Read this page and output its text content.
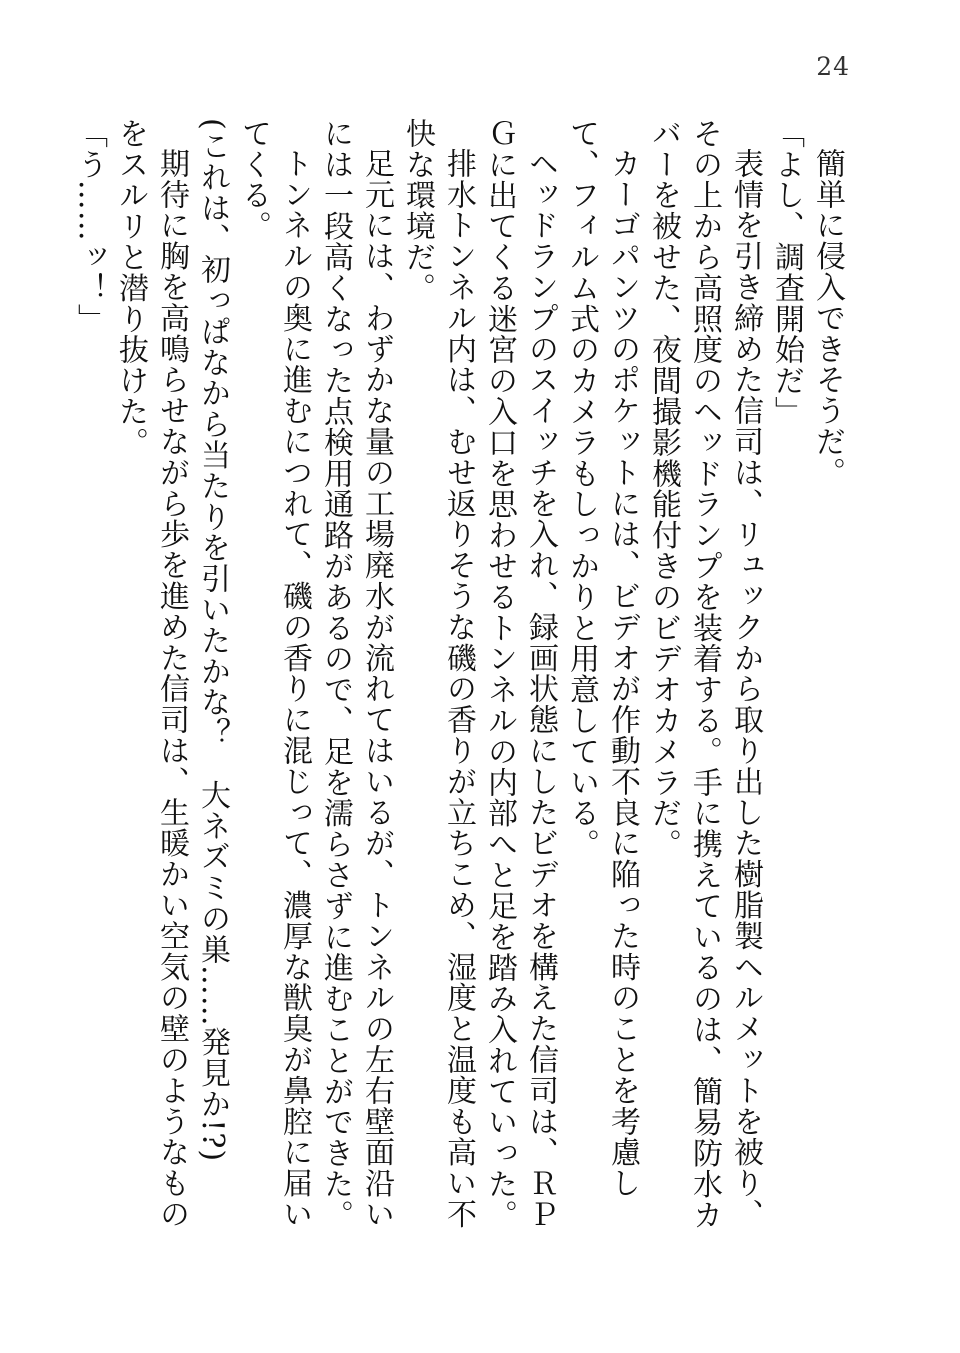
24

簡単に侵入できそうだ。

「よし、調査開始だ」

表情を引き締めた信司は、リュックから取り出した樹脂製ヘルメットを被り、その上から高照度のヘッドランプを装着する。手に携えているのは、簡易防水カバーを被せた、夜間撮影機能付きのビデオカメラだ。

カーゴパンツのポケットには、ビデオが作動不良に陥った時のことを考慮して、フィルム式のカメラもしっかりと用意している。

ヘッドランプのスイッチを入れ、録画状態にしたビデオを構えた信司は、ＲＰＧに出てくる迷宮の入口を思わせるトンネルの内部へと足を踏み入れていった。

排水トンネル内は、むせ返りそうな磯の香りが立ちこめ、湿度と温度も高い不快な環境だ。

足元には、わずかな量の工場廃水が流れてはいるが、トンネルの左右壁面沿いには一段高くなった点検用通路があるので、足を濡らさずに進むことができた。

トンネルの奥に進むにつれて、磯の香りに混じって、濃厚な獣臭が鼻腔に届いてくる。

(これは、初っぱなから当たりを引いたかな？　大ネズミの巣……発見か!?)

期待に胸を高鳴らせながら歩を進めた信司は、生暖かい空気の壁のようなものをスルリと潜り抜けた。

「う……ッ！」
